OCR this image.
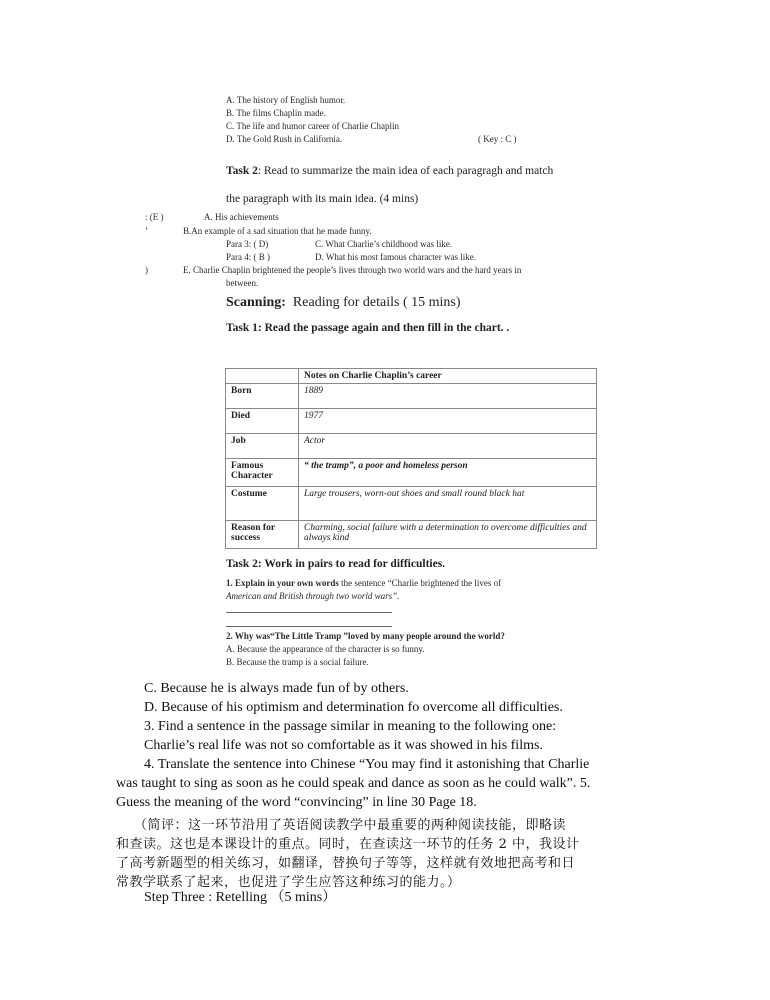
A. The history of English humor.
B. The films Chaplin made.
C. The life and humor career of Charlie Chaplin
D. The Gold Rush in California.	( Key : C )
Task 2: Read to summarize the main idea of each paragragh and match
the paragraph with its main idea. (4 mins)
: (E )	A. His achievements
’	B.An example of a sad situation that he made funny.
Para 3: ( D)	C. What Charlie’s childhood was like.
Para 4: ( B )	D. What his most famous character was like.
)	E. Charlie Chaplin brightened the people’s lives through two world wars and the hard years in
between.
Scanning: Reading for details ( 15 mins)
Task 1: Read the passage again and then fill in the chart. .
	Notes on Charlie Chaplin’s career
Born	1889
Died	1977
Job	Actor
Famous Character	“ the tramp”, a poor and homeless person
Costume	Large trousers, worn-out shoes and small round black hat
Reason for success	Charming, social failure with a determination to overcome difficulties and always kind
Task 2: Work in pairs to read for difficulties.
1. Explain in your own words the sentence “Charlie brightened the lives of
American and British through two world wars”.
2. Why was“The Little Tramp ”loved by many people around the world?
A. Because the appearance of the character is so funny.
B. Because the tramp is a social failure.
C. Because he is always made fun of by others.
D. Because of his optimism and determination fo overcome all difficulties.
3. Find a sentence in the passage similar in meaning to the following one:
Charlie’s real life was not so comfortable as it was showed in his films.
4. Translate the sentence into Chinese “You may find it astonishing that Charlie
was taught to sing as soon as he could speak and dance as soon as he could walk”. 5.
Guess the meaning of the word “convincing” in line 30 Page 18.
（简评：这一环节沿用了英语阅读教学中最重要的两种阅读技能，即略读
和查读。这也是本课设计的重点。同时，在查读这一环节的任务 2 中，我设计
了高考新题型的相关练习，如翻译，替换句子等等，这样就有效地把高考和日
常教学联系了起来，也促进了学生应答这种练习的能力。）
Step Three : Retelling （5 mins）
